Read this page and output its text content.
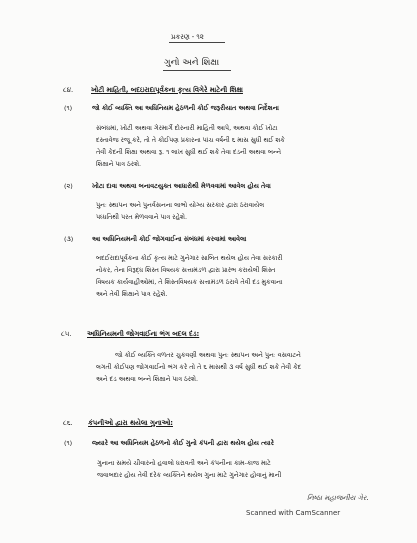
પ્રકરણ - ૧૨
ગુનો અને શિક્ષા
૮૪.	ખોટી માહિતી, બદઇરાદાપૂર્વકના કૃત્ય વિગેરે માટેની શિક્ષા
(૧)	જો કોઈ વ્યક્તિ આ અધિનિયમ હેઠળની કોઈ જરૂરીયાત અથવા નિર્દેશના
સંબંધમાં, ખોટી અથવા ગેરમાર્ગે દોરનારી માહિતી આપે, અથવા કોઈ ખોટા
દસ્તાવેજ રજૂ કરે, તો તે કોઈપણ પ્રકારના પાંચ વર્ષની ૬ માસ સુધી થઈ શકે
તેવી કેદની શિક્ષા અથવા રૂ. ૧ લાખ સુધી થઈ શકે તેવા દંડની અથવા બન્ને
શિક્ષાને પાત્ર ઠરશે.
(૨)	ખોટા દાવા અથવા બનાવટયુક્ત આધારોથી મેળવવામાં આવેલ હોય તેવા
પુનઃ સ્થાપન અને પુનર્વસનના લાભો યોગ્ય સરકાર દ્વારા ઠરાવાયેલ
પધ્ધતિથી પરત મેળવવાને પાત્ર રહેશે.
(૩)	આ અધિનિયમની કોઈ જોગવાઈના સંબંધમાં કરવામાં આવેલા
બદઈરાદાપૂર્વકના કોઈ કૃત્ય માટે ગુનેગાર સાબિત થયેલ હોય તેવા સરકારી
નોકર, તેના વિરૂદ્ધ શિસ્ત વિષયક સત્તામંડળ દ્વારા પ્રારંભ કરાયેલી શિસ્ત
વિષયક કાર્યવાહીઓમાં, તે શિસ્તવિષયક સત્તામંડળ ઠરાવે તેવી દંડ મુકવાના
અને તેવી શિક્ષાને પાત્ર રહેશે.
૮૫. અધિનિયમની જોગવાઈના ભંગ બદલ દંડ:
જો કોઈ વ્યક્તિ વળતર ચુકવણી અથવા પુનઃ સ્થાપન અને પુનઃ વસવાટને
લગતી કોઈપણ જોગવાઈનો ભંગ કરે તો તે ૬ માસથી ૩ વર્ષ સુધી થઈ શકે તેવી કેદ
અને દંડ અથવા બન્ને શિક્ષાને પાત્ર ઠરશે.
૮૬. કંપનીઓ દ્વારા થયેલા ગુનાઓ:
(૧)	જ્યારે આ અધિનિયમ હેઠળનો કોઈ ગુનો કંપની દ્વારા થયેલ હોય ત્યારે
ગુનાના સમયે ચીવારનો હવાલો ધરાવતી અને કંપનીના કામ-કાજ માટે
જવાબદાર હોય તેવી દરેક વ્યક્તિને થયેલ ગુના માટે ગુનેગાર હોવાનું માની
નિષ્ઠા મહાજનીય ગેર.
Scanned with CamScanner
